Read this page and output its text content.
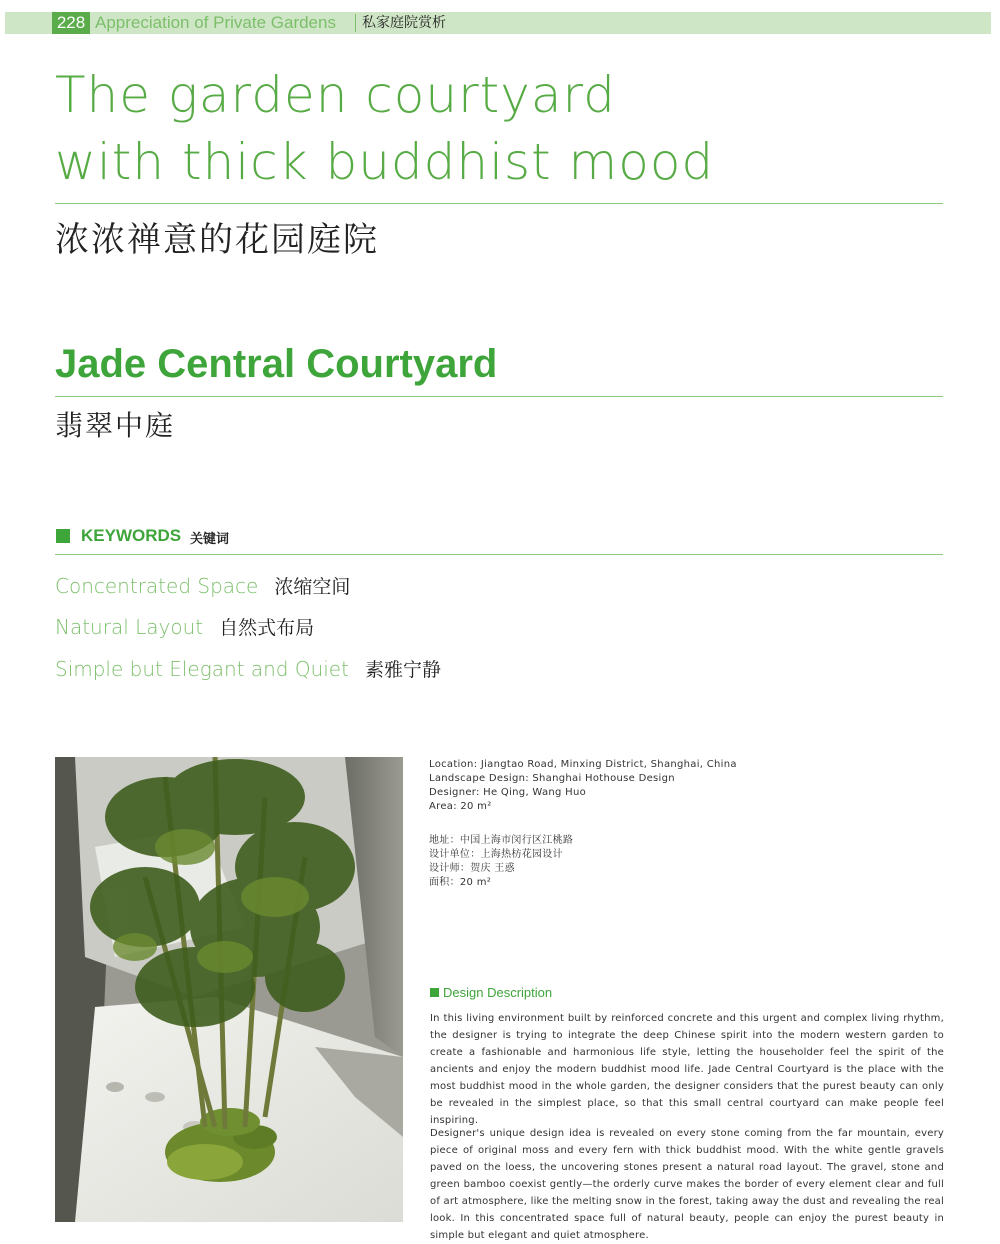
228 Appreciation of Private Gardens 私家庭院赏析
The garden courtyard
with thick buddhist mood
浓浓禅意的花园庭院
Jade Central Courtyard
翡翠中庭
KEYWORDS 关键词
Concentrated Space 浓缩空间
Natural Layout 自然式布局
Simple but Elegant and Quiet 素雅宁静
Location: Jiangtao Road, Minxing District, Shanghai, China
Landscape Design: Shanghai Hothouse Design
Designer: He Qing, Wang Huo
Area: 20 m²
地址：中国上海市闵行区江桃路
设计单位：上海热枋花园设计
设计师：贺庆 王惑
面积：20 m²
Design Description
In this living environment built by reinforced concrete and this urgent and complex living rhythm, the designer is trying to integrate the deep Chinese spirit into the modern western garden to create a fashionable and harmonious life style, letting the householder feel the spirit of the ancients and enjoy the modern buddhist mood life. Jade Central Courtyard is the place with the most buddhist mood in the whole garden, the designer considers that the purest beauty can only be revealed in the simplest place, so that this small central courtyard can make people feel inspiring.
Designer's unique design idea is revealed on every stone coming from the far mountain, every piece of original moss and every fern with thick buddhist mood. With the white gentle gravels paved on the loess, the uncovering stones present a natural road layout. The gravel, stone and green bamboo coexist gently—the orderly curve makes the border of every element clear and full of art atmosphere, like the melting snow in the forest, taking away the dust and revealing the real look. In this concentrated space full of natural beauty, people can enjoy the purest beauty in simple but elegant and quiet atmosphere.
